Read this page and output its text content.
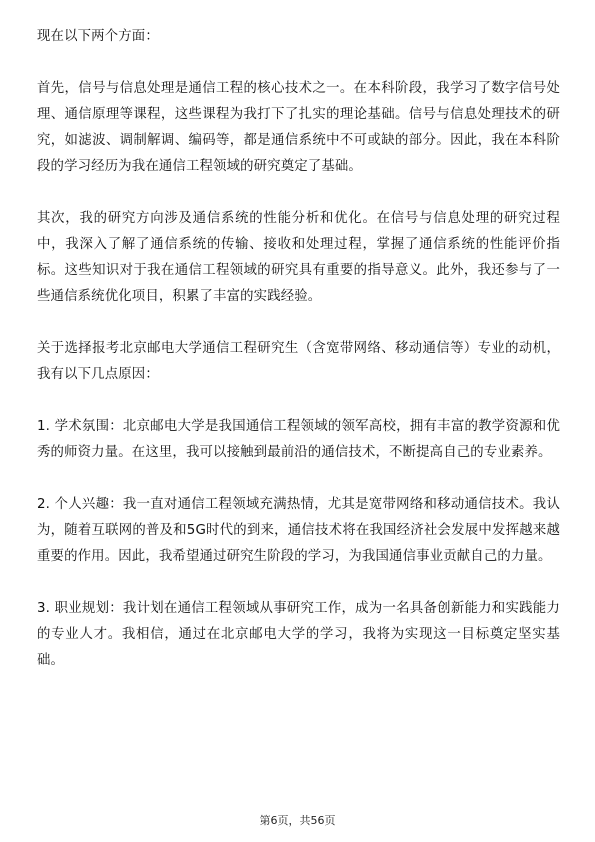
现在以下两个方面：

首先，信号与信息处理是通信工程的核心技术之一。在本科阶段，我学习了数字信号处理、通信原理等课程，这些课程为我打下了扎实的理论基础。信号与信息处理技术的研究，如滤波、调制解调、编码等，都是通信系统中不可或缺的部分。因此，我在本科阶段的学习经历为我在通信工程领域的研究奠定了基础。

其次，我的研究方向涉及通信系统的性能分析和优化。在信号与信息处理的研究过程中，我深入了解了通信系统的传输、接收和处理过程，掌握了通信系统的性能评价指标。这些知识对于我在通信工程领域的研究具有重要的指导意义。此外，我还参与了一些通信系统优化项目，积累了丰富的实践经验。

关于选择报考北京邮电大学通信工程研究生（含宽带网络、移动通信等）专业的动机，我有以下几点原因：

1. 学术氛围：北京邮电大学是我国通信工程领域的领军高校，拥有丰富的教学资源和优秀的师资力量。在这里，我可以接触到最前沿的通信技术，不断提高自己的专业素养。

2. 个人兴趣：我一直对通信工程领域充满热情，尤其是宽带网络和移动通信技术。我认为，随着互联网的普及和5G时代的到来，通信技术将在我国经济社会发展中发挥越来越重要的作用。因此，我希望通过研究生阶段的学习，为我国通信事业贡献自己的力量。

3. 职业规划：我计划在通信工程领域从事研究工作，成为一名具备创新能力和实践能力的专业人才。我相信，通过在北京邮电大学的学习，我将为实现这一目标奠定坚实基础。

第6页，共56页
